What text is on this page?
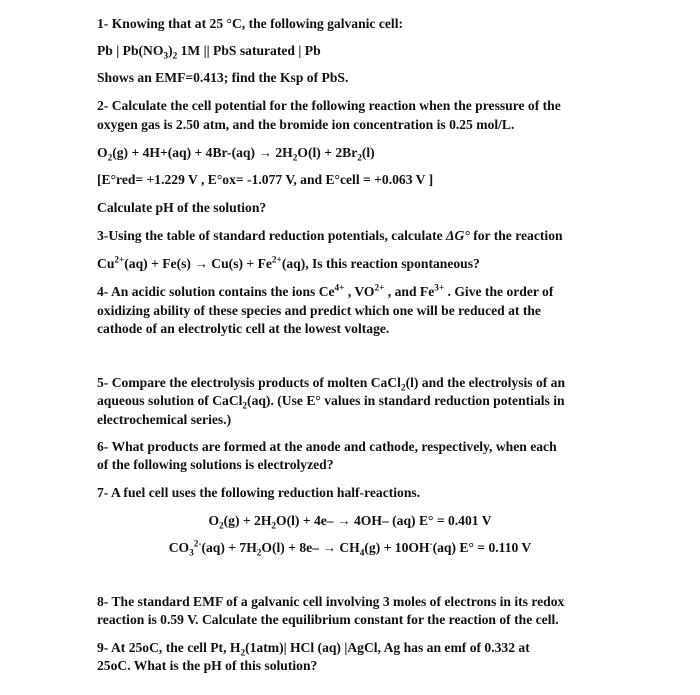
1- Knowing that at 25 °C, the following galvanic cell:
Pb | $Pb(NO_3)_2$ 1M || PbS saturated | Pb
Shows an EMF=0.413; find the Ksp of PbS.
2- Calculate the cell potential for the following reaction when the pressure of the
oxygen gas is 2.50 atm, and the bromide ion concentration is 0.25 mol/L.
$O_2(g) + 4H+(aq) + 4Br-(aq) \to 2H_2O(l) + 2Br_2(l)$
[E°red= +1.229 V , E°ox= -1.077 V, and E°cell = +0.063 V ]
Calculate pH of the solution?
3-Using the table of standard reduction potentials, calculate ΔG° for the reaction
$Cu^{2+}(aq) + Fe(s) \to Cu(s) + Fe^{2+}(aq)$, Is this reaction spontaneous?
4- An acidic solution contains the ions $Ce^{4+}$ , $VO^{2+}$ , and $Fe^{3+}$ . Give the order of
oxidizing ability of these species and predict which one will be reduced at the
cathode of an electrolytic cell at the lowest voltage.
5- Compare the electrolysis products of molten CaCl$_2$(l) and the electrolysis of an
aqueous solution of CaCl$_2$(aq). (Use E° values in standard reduction potentials in
electrochemical series.)
6- What products are formed at the anode and cathode, respectively, when each
of the following solutions is electrolyzed?
7- A fuel cell uses the following reduction half-reactions.
$O_2(g) + 2H_2O(l) + 4e- \to 4OH-$ (aq) E° = 0.401 V
$CO_3^{2-}(aq) + 7H_2O(l) + 8e- \to CH_4(g) + 10OH^-(aq) E^\circ = 0.110$ V
8- The standard EMF of a galvanic cell involving 3 moles of electrons in its redox
reaction is 0.59 V. Calculate the equilibrium constant for the reaction of the cell.
9- At 25oC, the cell Pt, $H_2(1atm)|$ HCl (aq) |AgCl, Ag has an emf of 0.332 at
25oC. What is the pH of this solution?
